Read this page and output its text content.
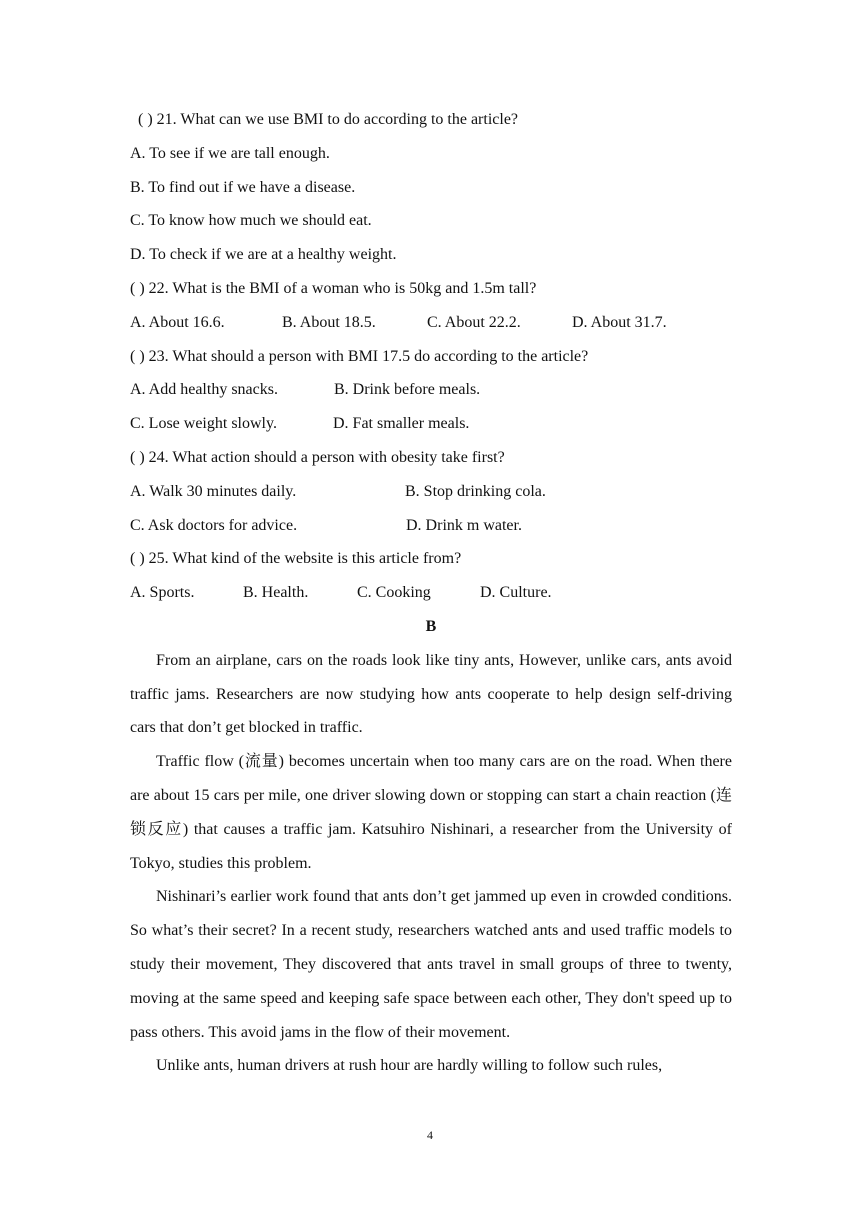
( ) 21. What can we use BMI to do according to the article?
A. To see if we are tall enough.
B. To find out if we have a disease.
C. To know how much we should eat.
D. To check if we are at a healthy weight.
( ) 22. What is the BMI of a woman who is 50kg and 1.5m tall?
A. About 16.6.	B. About 18.5.	C. About 22.2.	D. About 31.7.
( ) 23. What should a person with BMI 17.5 do according to the article?
A. Add healthy snacks.	B. Drink before meals.
C. Lose weight slowly.	D. Fat smaller meals.
( ) 24. What action should a person with obesity take first?
A. Walk 30 minutes daily.	B. Stop drinking cola.
C. Ask doctors for advice.	D. Drink m water.
( ) 25. What kind of the website is this article from?
A. Sports.	B. Health.	C. Cooking	D. Culture.
B

From an airplane, cars on the roads look like tiny ants, However, unlike cars, ants avoid traffic jams. Researchers are now studying how ants cooperate to help design self-driving cars that don’t get blocked in traffic.

Traffic flow (流量) becomes uncertain when too many cars are on the road. When there are about 15 cars per mile, one driver slowing down or stopping can start a chain reaction (连锁反应) that causes a traffic jam. Katsuhiro Nishinari, a researcher from the University of Tokyo, studies this problem.

Nishinari’s earlier work found that ants don’t get jammed up even in crowded conditions. So what’s their secret? In a recent study, researchers watched ants and used traffic models to study their movement, They discovered that ants travel in small groups of three to twenty, moving at the same speed and keeping safe space between each other, They don't speed up to pass others. This avoid jams in the flow of their movement.

Unlike ants, human drivers at rush hour are hardly willing to follow such rules,

4
